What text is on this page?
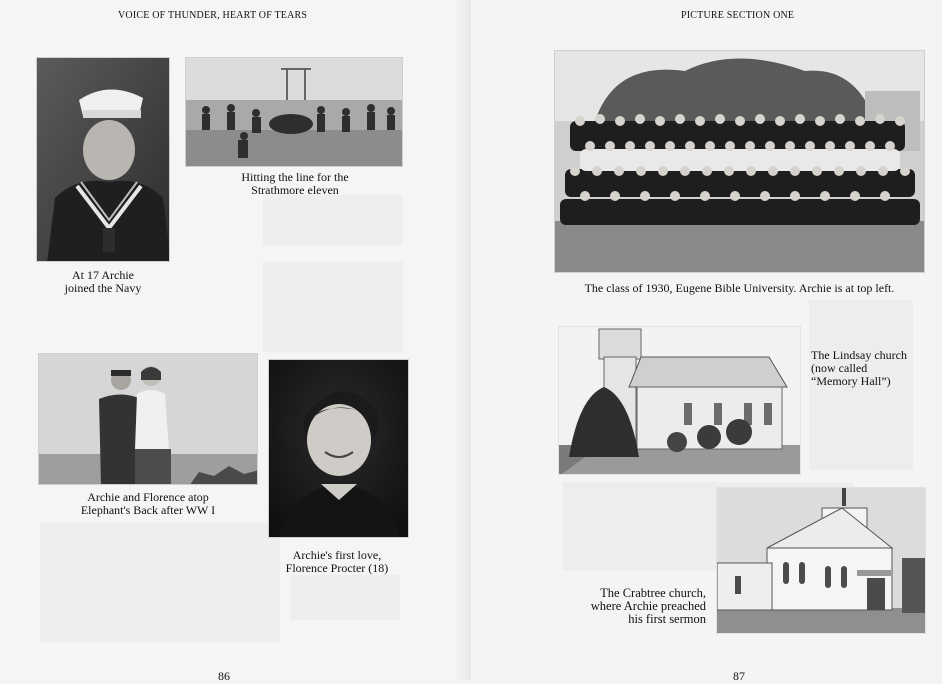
VOICE OF THUNDER, HEART OF TEARS
Hitting the line for the
Strathmore eleven
At 17 Archie
joined the Navy
Archie and Florence atop
Elephant's Back after WW I
Archie's first love,
Florence Procter (18)
86
PICTURE SECTION ONE
The class of 1930, Eugene Bible University. Archie is at top left.
The Lindsay church
(now called
“Memory Hall”)
The Crabtree church,
where Archie preached
his first sermon
87
